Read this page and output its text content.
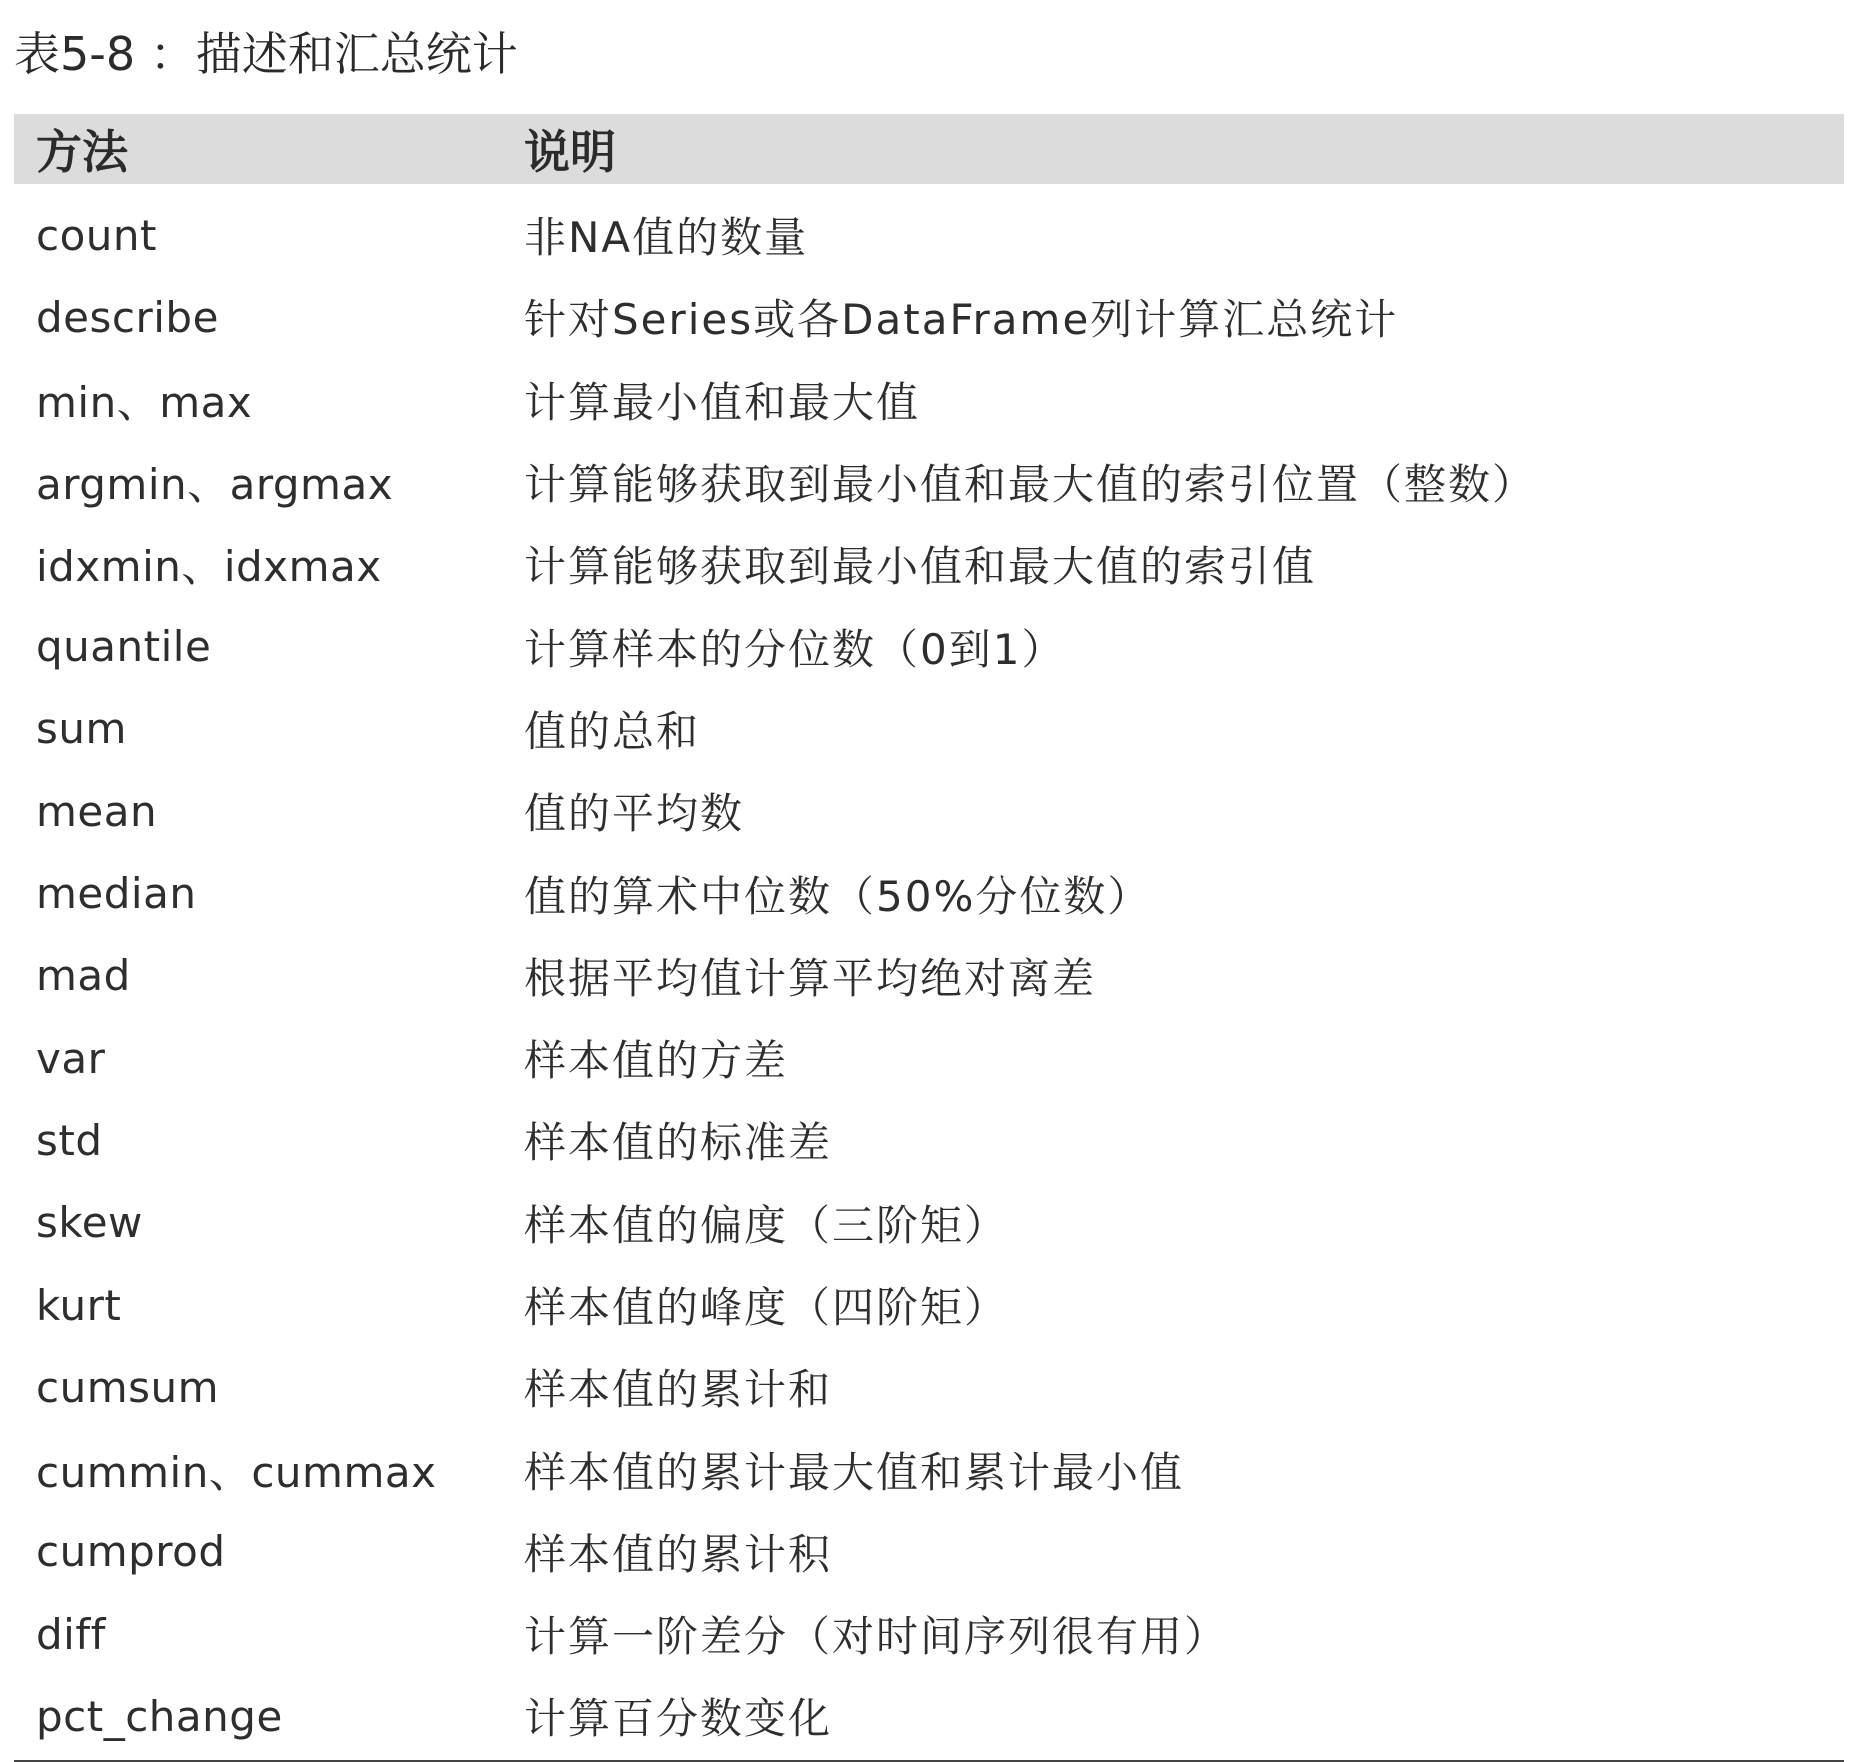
表5-8 ：描述和汇总统计
方法	说明
count	非NA值的数量
describe	针对Series或各DataFrame列计算汇总统计
min、max	计算最小值和最大值
argmin、argmax	计算能够获取到最小值和最大值的索引位置（整数）
idxmin、idxmax	计算能够获取到最小值和最大值的索引值
quantile	计算样本的分位数（0到1）
sum	值的总和
mean	值的平均数
median	值的算术中位数（50%分位数）
mad	根据平均值计算平均绝对离差
var	样本值的方差
std	样本值的标准差
skew	样本值的偏度（三阶矩）
kurt	样本值的峰度（四阶矩）
cumsum	样本值的累计和
cummin、cummax	样本值的累计最大值和累计最小值
cumprod	样本值的累计积
diff	计算一阶差分（对时间序列很有用）
pct_change	计算百分数变化
